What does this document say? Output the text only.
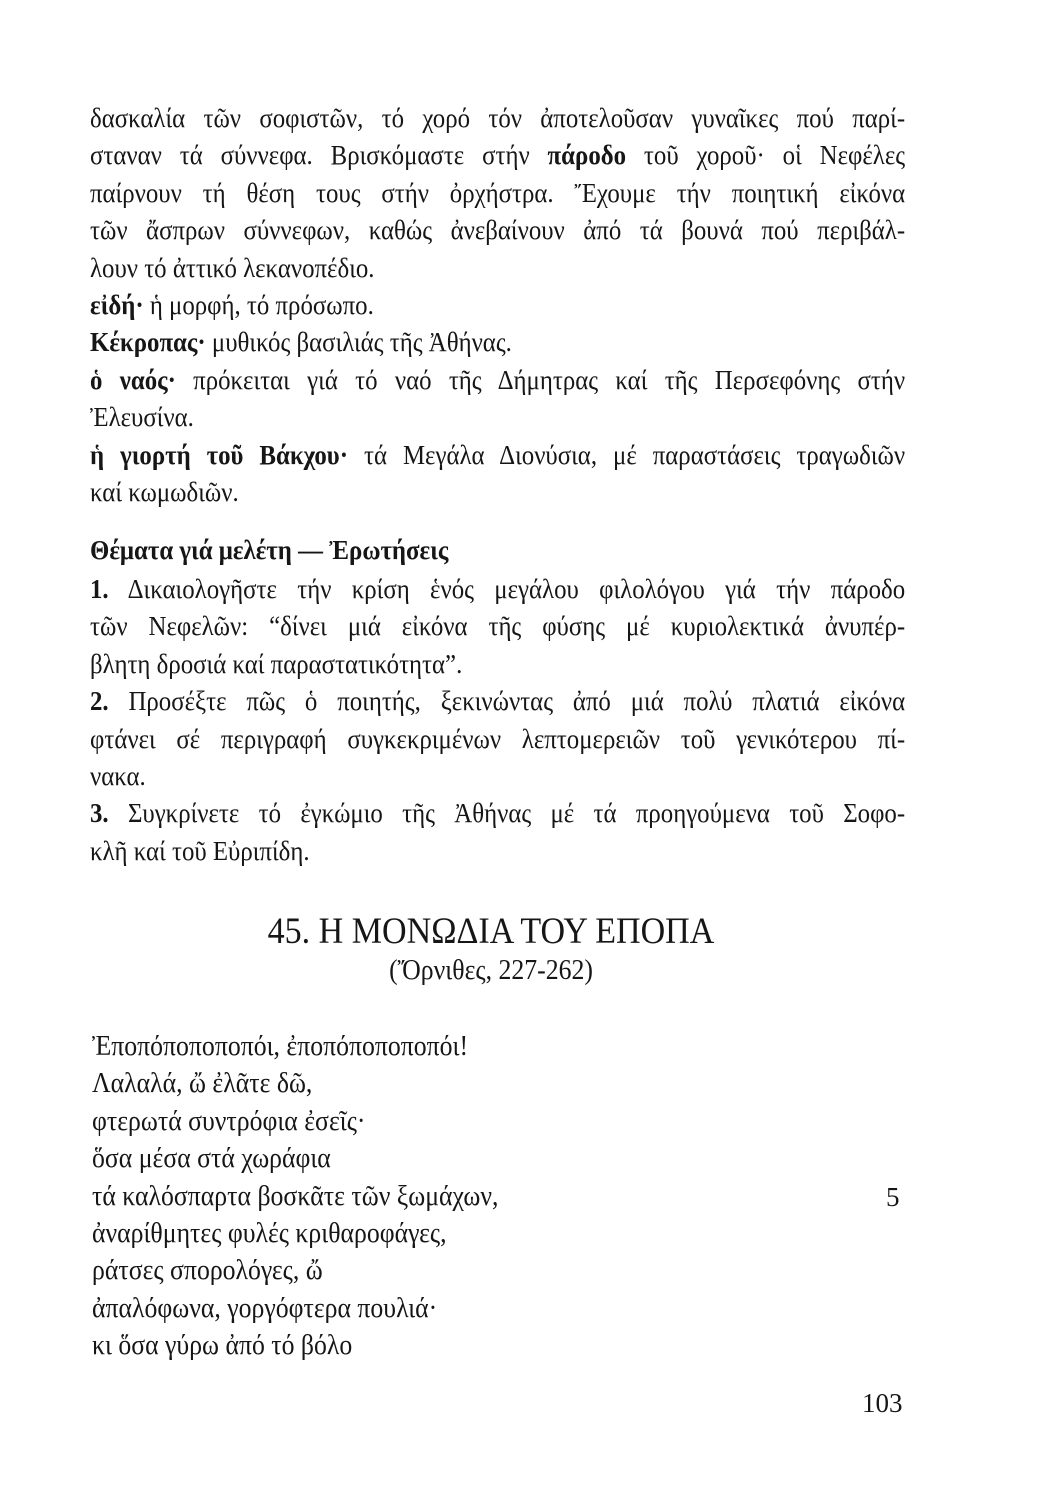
δασκαλία τῶν σοφιστῶν, τό χορό τόν ἀποτελοῦσαν γυναῖκες πού παρί-
σταναν τά σύννεφα. Βρισκόμαστε στήν πάροδο τοῦ χοροῦ· οἱ Νεφέλες
παίρνουν τή θέση τους στήν ὀρχήστρα. Ἔχουμε τήν ποιητική εἰκόνα
τῶν ἄσπρων σύννεφων, καθώς ἀνεβαίνουν ἀπό τά βουνά πού περιβάλ-
λουν τό ἀττικό λεκανοπέδιο.
εἰδή· ἡ μορφή, τό πρόσωπο.
Κέκροπας· μυθικός βασιλιάς τῆς Ἀθήνας.
ὁ ναός· πρόκειται γιά τό ναό τῆς Δήμητρας καί τῆς Περσεφόνης στήν
Ἐλευσίνα.
ἡ γιορτή τοῦ Βάκχου· τά Μεγάλα Διονύσια, μέ παραστάσεις τραγωδιῶν
καί κωμωδιῶν.
Θέματα γιά μελέτη — Ἐρωτήσεις
1. Δικαιολογῆστε τήν κρίση ἑνός μεγάλου φιλολόγου γιά τήν πάροδο
τῶν Νεφελῶν: “δίνει μιά εἰκόνα τῆς φύσης μέ κυριολεκτικά ἀνυπέρ-
βλητη δροσιά καί παραστατικότητα”.
2. Προσέξτε πῶς ὁ ποιητής, ξεκινώντας ἀπό μιά πολύ πλατιά εἰκόνα
φτάνει σέ περιγραφή συγκεκριμένων λεπτομερειῶν τοῦ γενικότερου πί-
νακα.
3. Συγκρίνετε τό ἐγκώμιο τῆς Ἀθήνας μέ τά προηγούμενα τοῦ Σοφο-
κλῆ καί τοῦ Εὐριπίδη.
45. Η ΜΟΝΩΔΙΑ ΤΟΥ ΕΠΟΠΑ
(Ὄρνιθες, 227-262)
Ἐποπόποποποπόι, ἐποπόποποποπόι!
Λαλαλά, ὤ ἐλᾶτε δῶ,
φτερωτά συντρόφια ἐσεῖς·
ὅσα μέσα στά χωράφια
τά καλόσπαρτα βοσκᾶτε τῶν ξωμάχων,
ἀναρίθμητες φυλές κριθαροφάγες,
ράτσες σπορολόγες, ὤ
ἀπαλόφωνα, γοργόφτερα πουλιά·
κι ὅσα γύρω ἀπό τό βόλο
5
103
